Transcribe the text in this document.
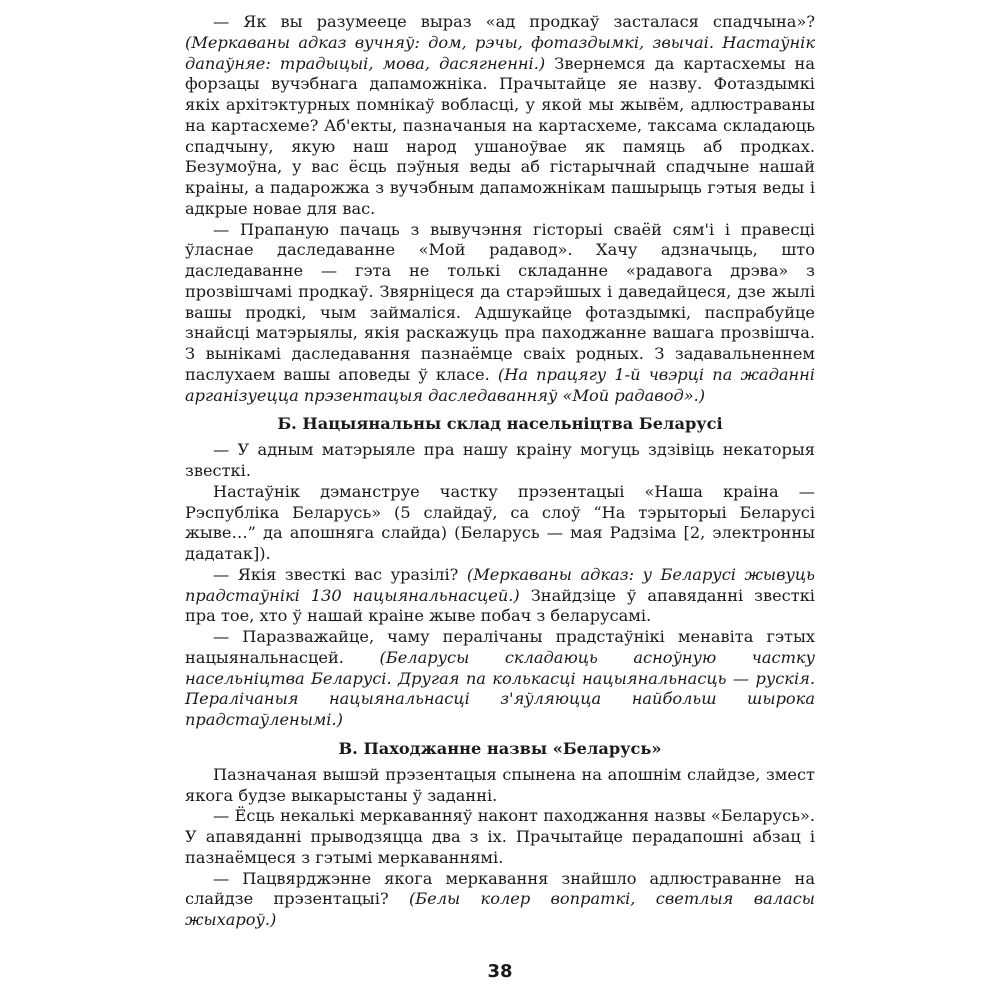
— Як вы разумееце выраз «ад продкаў засталася спадчына»? (Меркаваны адказ вучняў: дом, рэчы, фотаздымкі, звычаі. Настаўнік дапаўняе: традыцыі, мова, дасягненні.) Звернемся да картасхемы на форзацы вучэбнага дапаможніка. Прачытайце яе назву. Фотаздымкі якіх архітэктурных помнікаў вобласці, у якой мы жывём, адлюстраваны на картасхеме? Аб'екты, пазначаныя на картасхеме, таксама складаюць спадчыну, якую наш народ ушаноўвае як памяць аб продках. Безумоўна, у вас ёсць пэўныя веды аб гістарычнай спадчыне нашай краіны, а падарожжа з вучэбным дапаможнікам пашырыць гэтыя веды і адкрые новае для вас.

— Прапаную пачаць з вывучэння гісторыі сваёй сям'і і правесці ўласнае даследаванне «Мой радавод». Хачу адзначыць, што даследаванне — гэта не толькі складанне «радавога дрэва» з прозвішчамі продкаў. Звярніцеся да старэйшых і даведайцеся, дзе жылі вашы продкі, чым займаліся. Адшукайце фотаздымкі, паспрабуйце знайсці матэрыялы, якія раскажуць пра паходжанне вашага прозвішча. З вынікамі даследавання пазнаёмце сваіх родных. З задавальненнем паслухаем вашы аповеды ў класе. (На працягу 1-й чвэрці па жаданні арганізуецца прэзентацыя даследаванняў «Мой радавод».)

Б. Нацыянальны склад насельніцтва Беларусі

— У адным матэрыяле пра нашу краіну могуць здзівіць некаторыя звесткі.

Настаўнік дэманструе частку прэзентацыі «Наша краіна — Рэспубліка Беларусь» (5 слайдаў, са слоў “На тэрыторыі Беларусі жыве…” да апошняга слайда) (Беларусь — мая Радзіма [2, электронны дадатак]).

— Якія звесткі вас уразілі? (Меркаваны адказ: у Беларусі жывуць прадстаўнікі 130 нацыянальнасцей.) Знайдзіце ў апавяданні звесткі пра тое, хто ў нашай краіне жыве побач з беларусамі.

— Паразважайце, чаму пералічаны прадстаўнікі менавіта гэтых нацыянальнасцей. (Беларусы складаюць асноўную частку насельніцтва Беларусі. Другая па колькасці нацыянальнасць — рускія. Пералічаныя нацыянальнасці з'яўляюцца найбольш шырока прадстаўленымі.)

В. Паходжанне назвы «Беларусь»

Пазначаная вышэй прэзентацыя спынена на апошнім слайдзе, змест якога будзе выкарыстаны ў заданні.

— Ёсць некалькі меркаванняў наконт паходжання назвы «Беларусь». У апавяданні прыводзяцца два з іх. Прачытайце перадапошні абзац і пазнаёмцеся з гэтымі меркаваннямі.

— Пацвярджэнне якога меркавання знайшло адлюстраванне на слайдзе прэзентацыі? (Белы колер вопраткі, светлыя валасы жыхароў.)

38
